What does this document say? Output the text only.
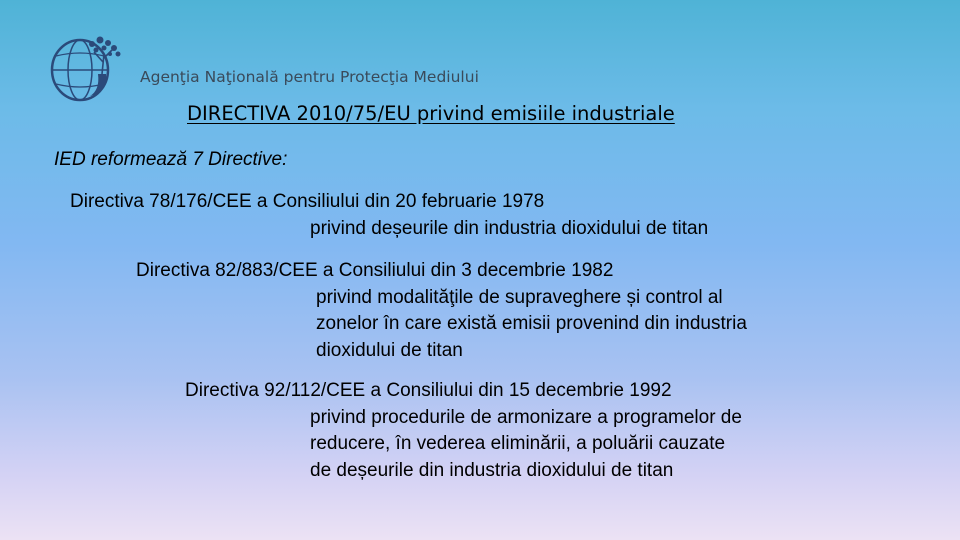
Agenţia Naţională pentru Protecţia Mediului
DIRECTIVA 2010/75/EU privind emisiile industriale
IED reformează 7 Directive:
Directiva 78/176/CEE a Consiliului din 20 februarie 1978
privind deșeurile din industria dioxidului de titan
Directiva 82/883/CEE a Consiliului din 3 decembrie 1982
privind modalităţile de supraveghere și control al
zonelor în care există emisii provenind din industria
dioxidului de titan
Directiva 92/112/CEE a Consiliului din 15 decembrie 1992
privind procedurile de armonizare a programelor de
reducere, în vederea eliminării, a poluării cauzate
de deșeurile din industria dioxidului de titan
